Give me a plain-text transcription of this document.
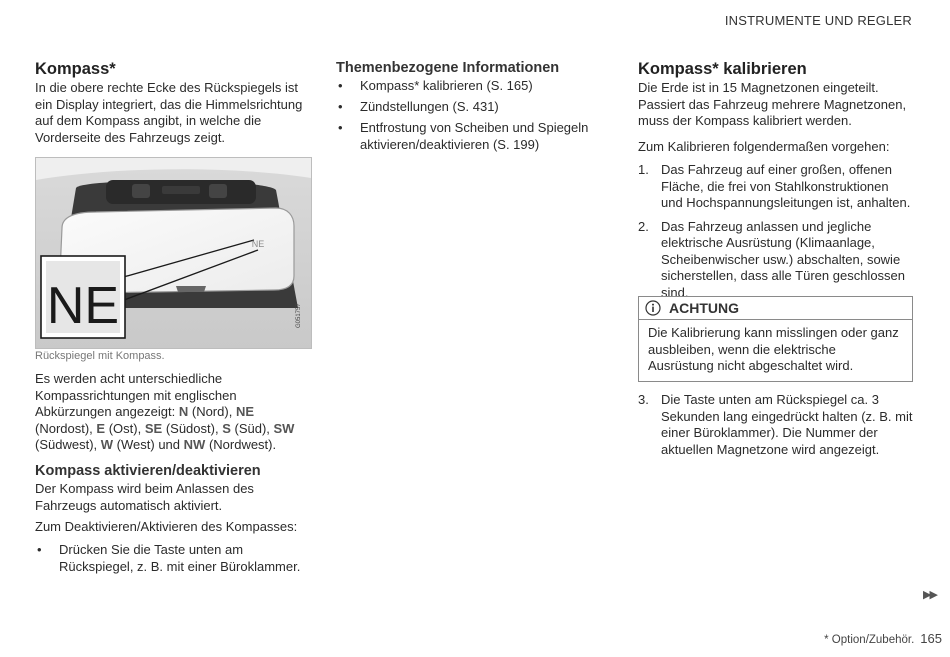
INSTRUMENTE UND REGLER
Kompass*

In die obere rechte Ecke des Rückspiegels ist ein Display integriert, das die Himmelsrichtung auf dem Kompass angibt, in welche die Vorderseite des Fahrzeugs zeigt.

NE
NE
G051757
Rückspiegel mit Kompass.

Es werden acht unterschiedliche Kompassrichtungen mit englischen Abkürzungen angezeigt: N (Nord), NE (Nordost), E (Ost), SE (Südost), S (Süd), SW (Südwest), W (West) und NW (Nordwest).

Kompass aktivieren/deaktivieren

Der Kompass wird beim Anlassen des Fahrzeugs automatisch aktiviert.

Zum Deaktivieren/Aktivieren des Kompasses:

• Drücken Sie die Taste unten am Rückspiegel, z. B. mit einer Büroklammer.
Themenbezogene Informationen
• Kompass* kalibrieren (S. 165)
• Zündstellungen (S. 431)
• Entfrostung von Scheiben und Spiegeln aktivieren/deaktivieren (S. 199)
Kompass* kalibrieren

Die Erde ist in 15 Magnetzonen eingeteilt. Passiert das Fahrzeug mehrere Magnetzonen, muss der Kompass kalibriert werden.

Zum Kalibrieren folgendermaßen vorgehen:

1. Das Fahrzeug auf einer großen, offenen Fläche, die frei von Stahlkonstruktionen und Hochspannungsleitungen ist, anhalten.
2. Das Fahrzeug anlassen und jegliche elektrische Ausrüstung (Klimaanlage, Scheibenwischer usw.) abschalten, sowie sicherstellen, dass alle Türen geschlossen sind.
ACHTUNG
Die Kalibrierung kann misslingen oder ganz ausbleiben, wenn die elektrische Ausrüstung nicht abgeschaltet wird.
3. Die Taste unten am Rückspiegel ca. 3 Sekunden lang eingedrückt halten (z. B. mit einer Büroklammer). Die Nummer der aktuellen Magnetzone wird angezeigt.
▶▶
* Option/Zubehör. 165
